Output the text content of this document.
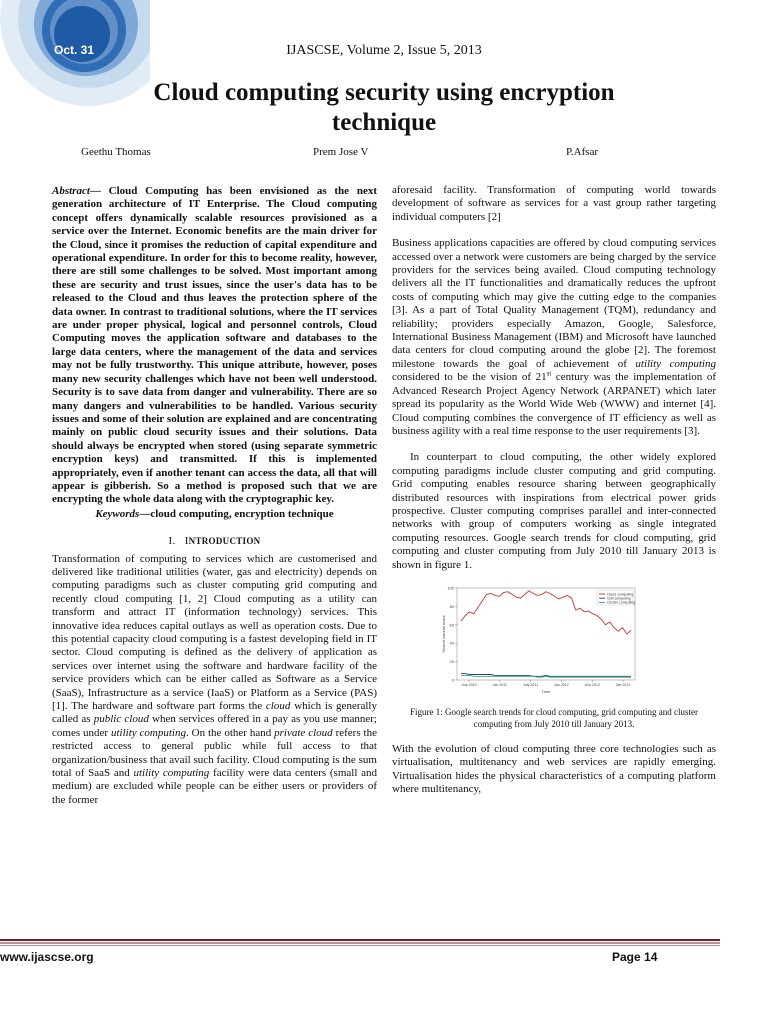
Oct. 31	IJASCSE, Volume 2, Issue 5, 2013
Cloud computing security using encryption technique
Geethu Thomas	Prem Jose V	P.Afsar

Abstract— Cloud Computing has been envisioned as the next generation architecture of IT Enterprise. The Cloud computing concept offers dynamically scalable resources provisioned as a service over the Internet. Economic benefits are the main driver for the Cloud, since it promises the reduction of capital expenditure and operational expenditure. In order for this to become reality, however, there are still some challenges to be solved. Most important among these are security and trust issues, since the user's data has to be released to the Cloud and thus leaves the protection sphere of the data owner. In contrast to traditional solutions, where the IT services are under proper physical, logical and personnel controls, Cloud Computing moves the application software and databases to the large data centers, where the management of the data and services may not be fully trustworthy. This unique attribute, however, poses many new security challenges which have not been well understood. Security is to save data from danger and vulnerability. There are so many dangers and vulnerabilities to be handled. Various security issues and some of their solution are explained and are concentrating mainly on public cloud security issues and their solutions. Data should always be encrypted when stored (using separate symmetric encryption keys) and transmitted. If this is implemented appropriately, even if another tenant can access the data, all that will appear is gibberish. So a method is proposed such that we are encrypting the whole data along with the cryptographic key.

Keywords—cloud computing, encryption technique

I. INTRODUCTION

Transformation of computing to services which are customerised and delivered like traditional utilities (water, gas and electricity) depends on computing paradigms such as cluster computing grid computing and recently cloud computing [1, 2] Cloud computing as a utility can transform and attract IT (information technology) services. This innovative idea reduces capital outlays as well as operation costs. Due to this potential capacity cloud computing is a fastest developing field in IT sector. Cloud computing is defined as the delivery of application as services over internet using the software and hardware facility of the service providers which can be either called as Software as a Service (SaaS), Infrastructure as a service (IaaS) or Platform as a Service (PAS) [1]. The hardware and software part forms the cloud which is generally called as public cloud when services offered in a pay as you use manner; comes under utility computing. On the other hand private cloud refers the restricted access to general public while full access to that organization/business that avail such facility. Cloud computing is the sum total of SaaS and utility computing facility were data centers (small and medium) are excluded while people can be either users or providers of the former

aforesaid facility. Transformation of computing world towards development of software as services for a vast group rather targeting individual computers [2]

Business applications capacities are offered by cloud computing services accessed over a network were customers are being charged by the service providers for the services being availed. Cloud computing technology delivers all the IT functionalities and dramatically reduces the upfront costs of computing which may give the cutting edge to the companies [3]. As a part of Total Quality Management (TQM), redundancy and reliability; providers especially Amazon, Google, Salesforce, International Business Management (IBM) and Microsoft have launched data centers for cloud computing around the globe [2]. The foremost milestone towards the goal of achievement of utility computing considered to be the vision of 21st century was the implementation of Advanced Research Project Agency Network (ARPANET) which later spread its popularity as the World Wide Web (WWW) and internet [4]. Cloud computing combines the convergence of IT efficiency as well as business agility with a real time response to the user requirements [3].

In counterpart to cloud computing, the other widely explored computing paradigms include cluster computing and grid computing. Grid computing enables resource sharing between geographically distributed resources with inspirations from electrical power grids prospective. Cluster computing comprises parallel and inter-connected networks with group of computers working as single integrated computing resources. Google search trends for cloud computing, grid computing and cluster computing from July 2010 till January 2013 is shown in figure 1.

0
20
40
60
80
100
July 2010	Jan 2011	July 2011	Jan 2012	July 2012	Jan 2013
Time
Search volume index
Cloud computing
Grid computing
Cluster computing

Figure 1: Google search trends for cloud computing, grid computing and cluster computing from July 2010 till January 2013.

With the evolution of cloud computing three core technologies such as virtualisation, multitenancy and web services are rapidly emerging. Virtualisation hides the physical characteristics of a computing platform where multitenancy,

www.ijascse.org	Page 14
